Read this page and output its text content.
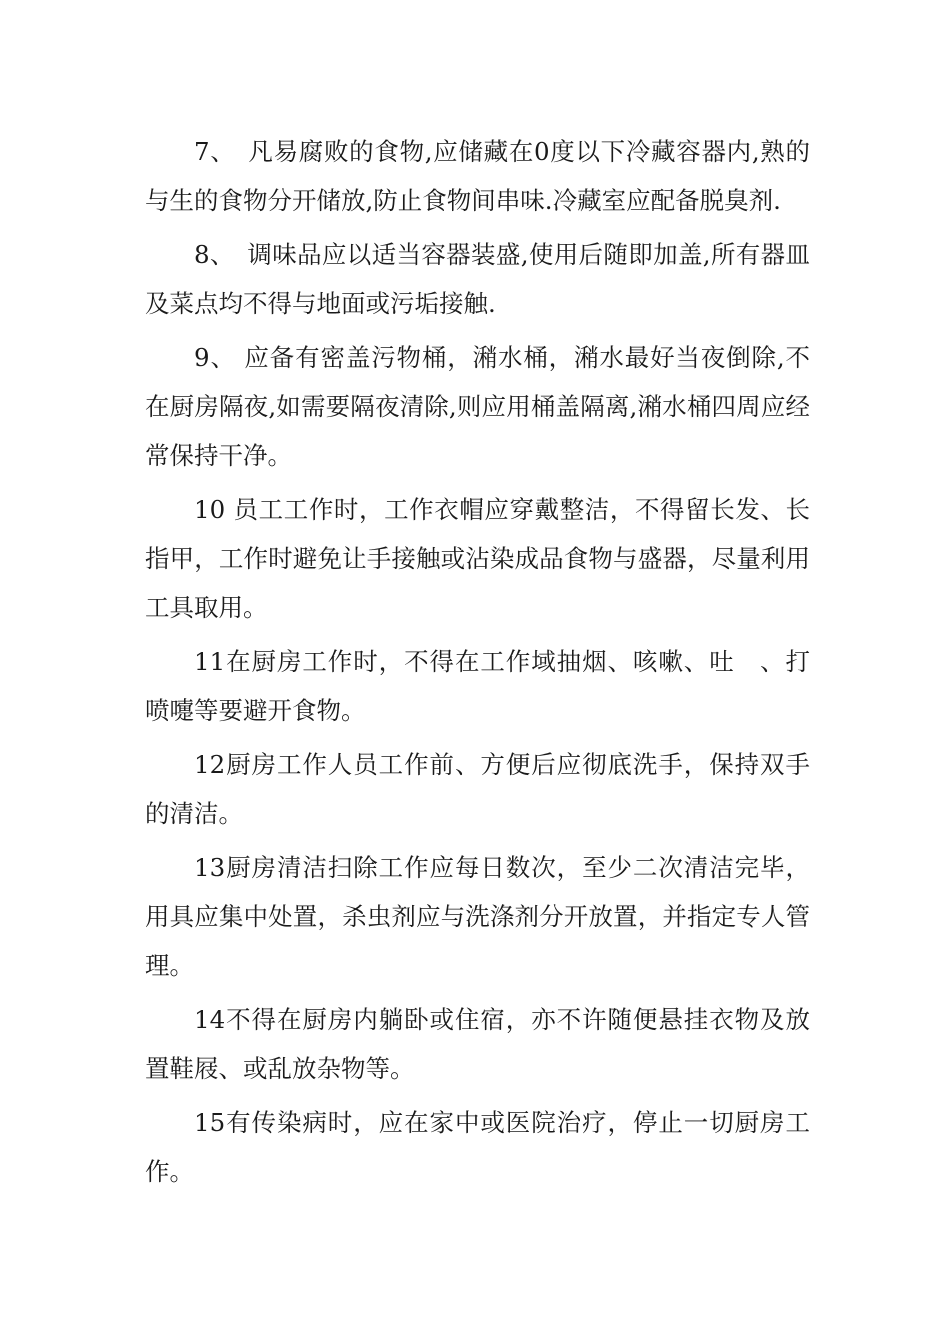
7、　凡易腐败的食物,应储藏在0度以下冷藏容器内,熟的与生的食物分开储放,防止食物间串味.冷藏室应配备脱臭剂.

8、　调味品应以适当容器装盛,使用后随即加盖,所有器皿及菜点均不得与地面或污垢接触.

9、 应备有密盖污物桶，潲水桶，潲水最好当夜倒除,不在厨房隔夜,如需要隔夜清除,则应用桶盖隔离,潲水桶四周应经常保持干净。

10 员工工作时，工作衣帽应穿戴整洁，不得留长发、长指甲，工作时避免让手接触或沾染成品食物与盛器，尽量利用工具取用。

11在厨房工作时，不得在工作域抽烟、咳嗽、吐　、打喷嚏等要避开食物。

12厨房工作人员工作前、方便后应彻底洗手，保持双手的清洁。

13厨房清洁扫除工作应每日数次，至少二次清洁完毕，用具应集中处置，杀虫剂应与洗涤剂分开放置，并指定专人管理。

14不得在厨房内躺卧或住宿，亦不许随便悬挂衣物及放置鞋屐、或乱放杂物等。

15有传染病时，应在家中或医院治疗，停止一切厨房工作。
